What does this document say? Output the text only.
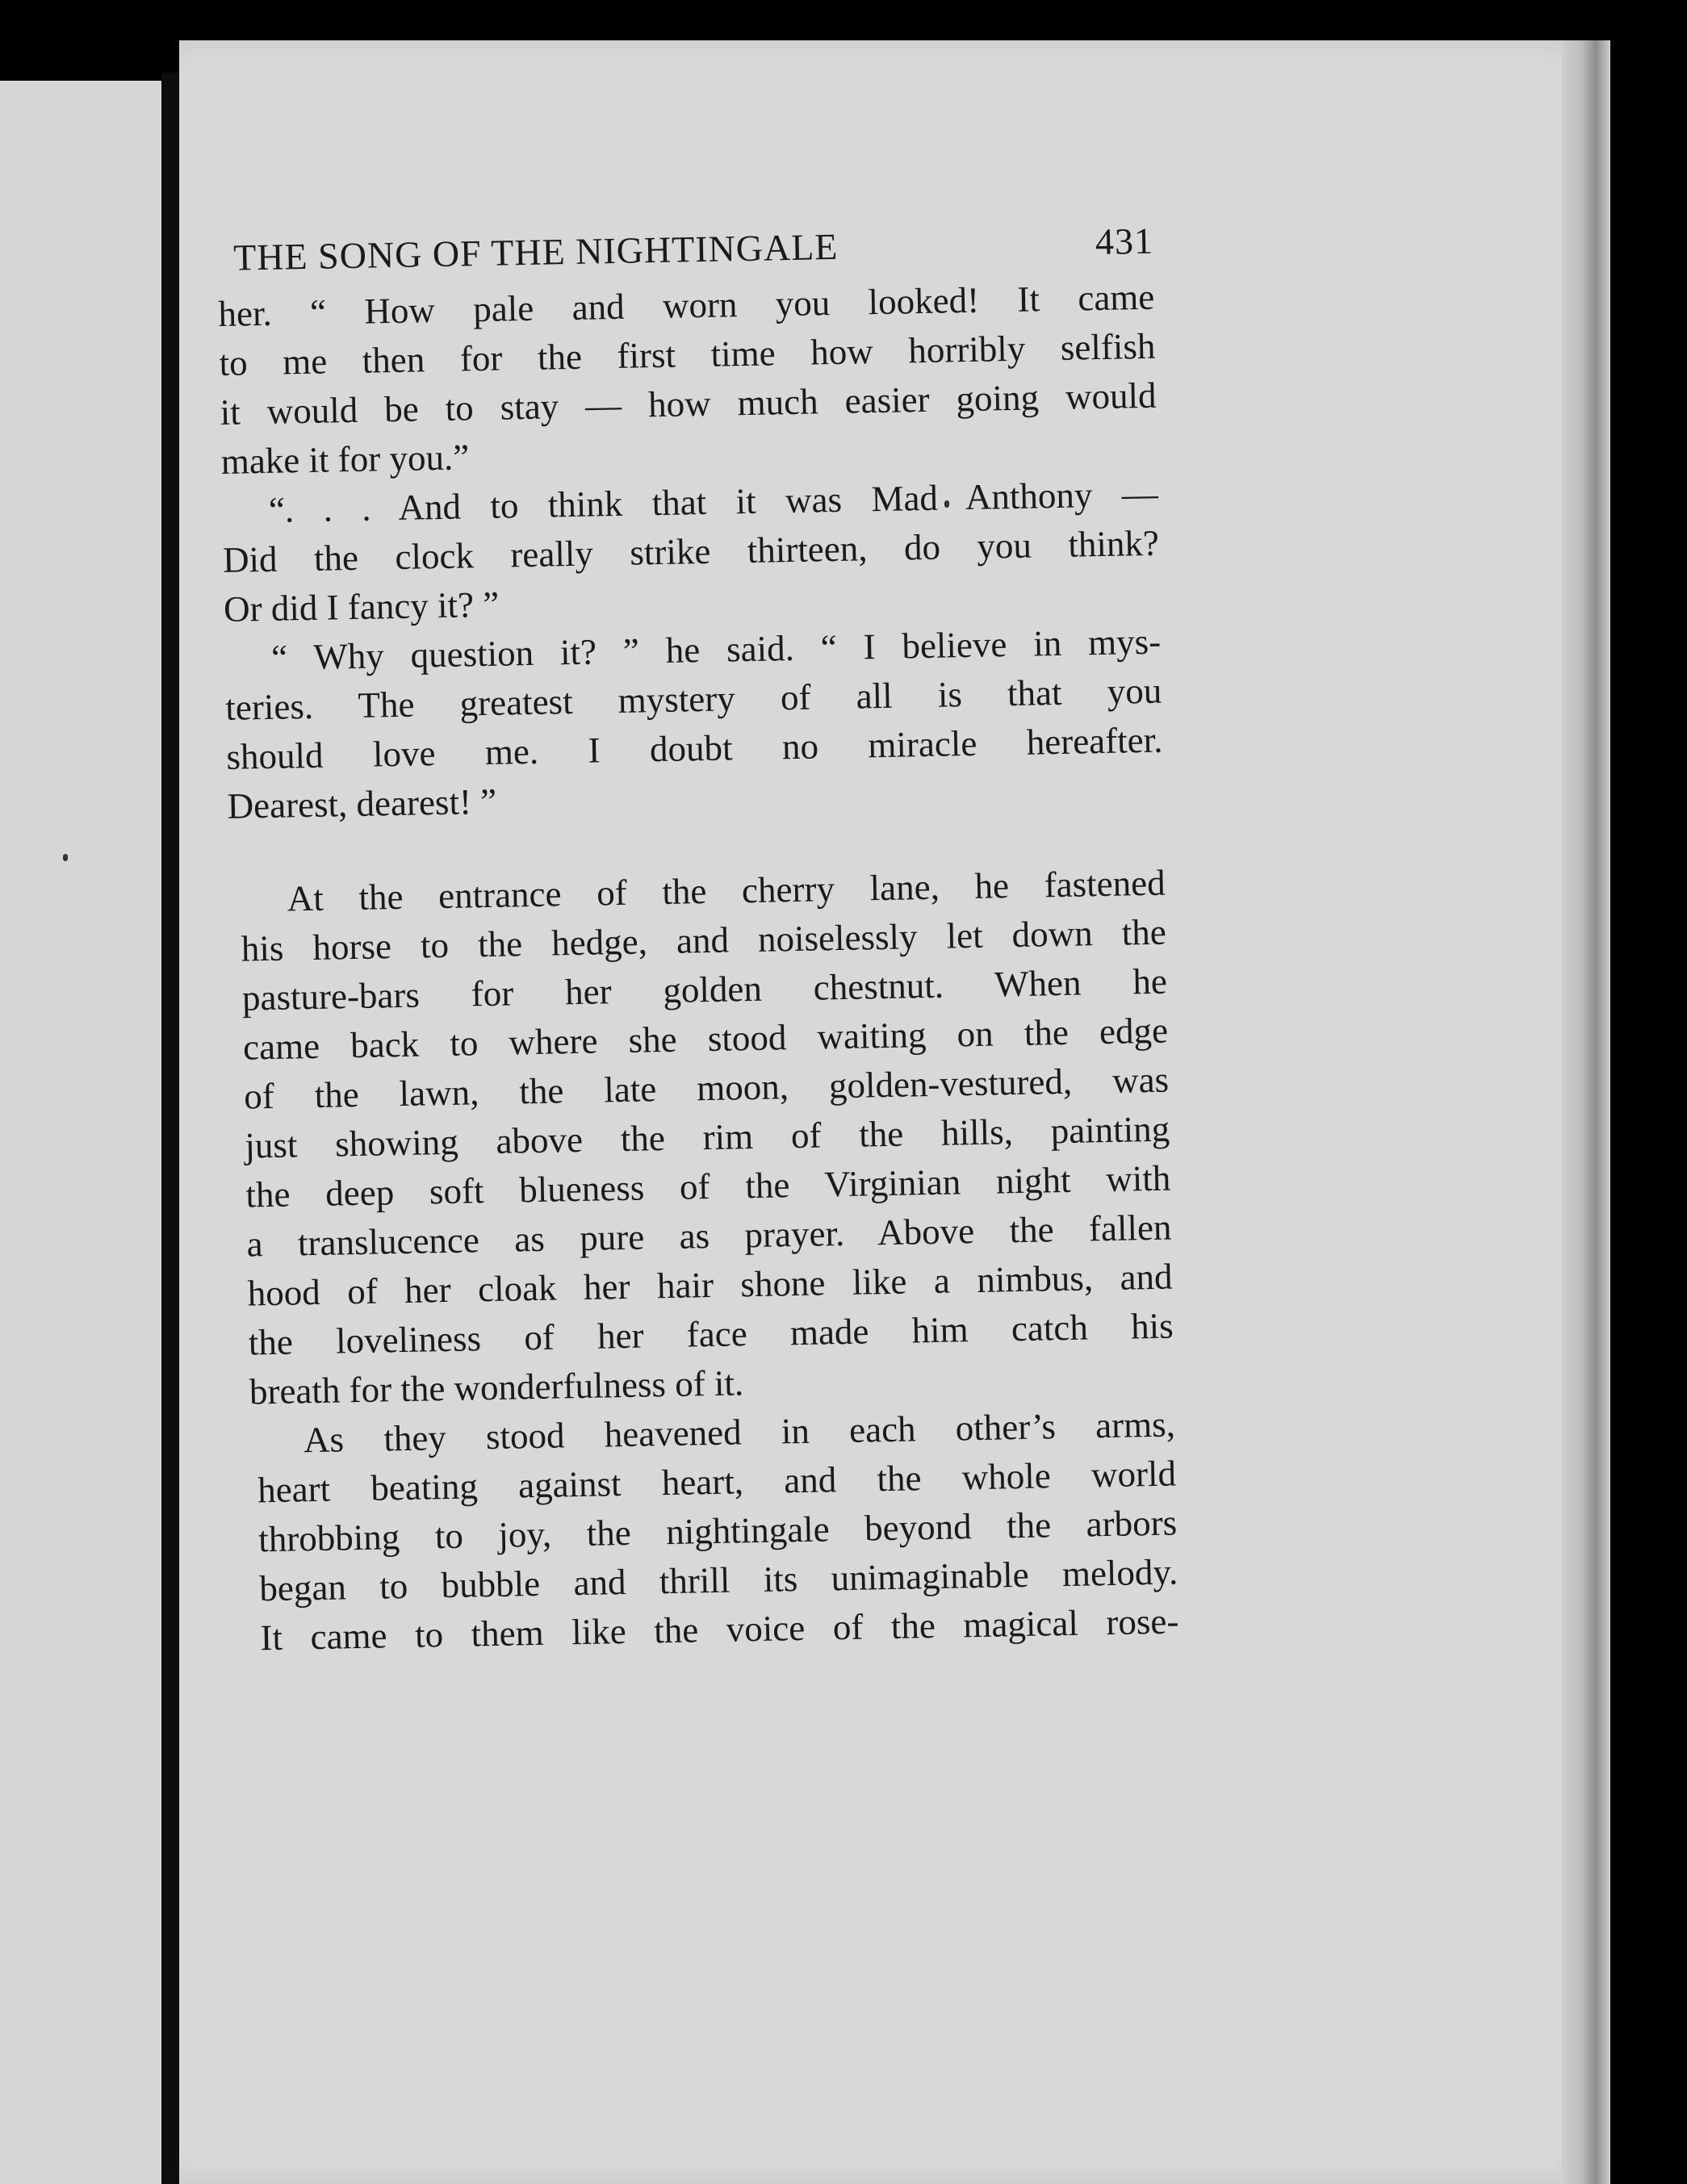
THE SONG OF THE NIGHTINGALE	431
her. “ How pale and worn you looked! It came
to me then for the first time how horribly selfish
it would be to stay — how much easier going would
make it for you.”
“. . . And to think that it was Mad Anthony —
Did the clock really strike thirteen, do you think?
Or did I fancy it? ”
“ Why question it? ” he said. “ I believe in mys-
teries. The greatest mystery of all is that you
should love me. I doubt no miracle hereafter.
Dearest, dearest! ”
At the entrance of the cherry lane, he fastened
his horse to the hedge, and noiselessly let down the
pasture-bars for her golden chestnut. When he
came back to where she stood waiting on the edge
of the lawn, the late moon, golden-vestured, was
just showing above the rim of the hills, painting
the deep soft blueness of the Virginian night with
a translucence as pure as prayer. Above the fallen
hood of her cloak her hair shone like a nimbus, and
the loveliness of her face made him catch his
breath for the wonderfulness of it.
As they stood heavened in each other’s arms,
heart beating against heart, and the whole world
throbbing to joy, the nightingale beyond the arbors
began to bubble and thrill its unimaginable melody.
It came to them like the voice of the magical rose-
